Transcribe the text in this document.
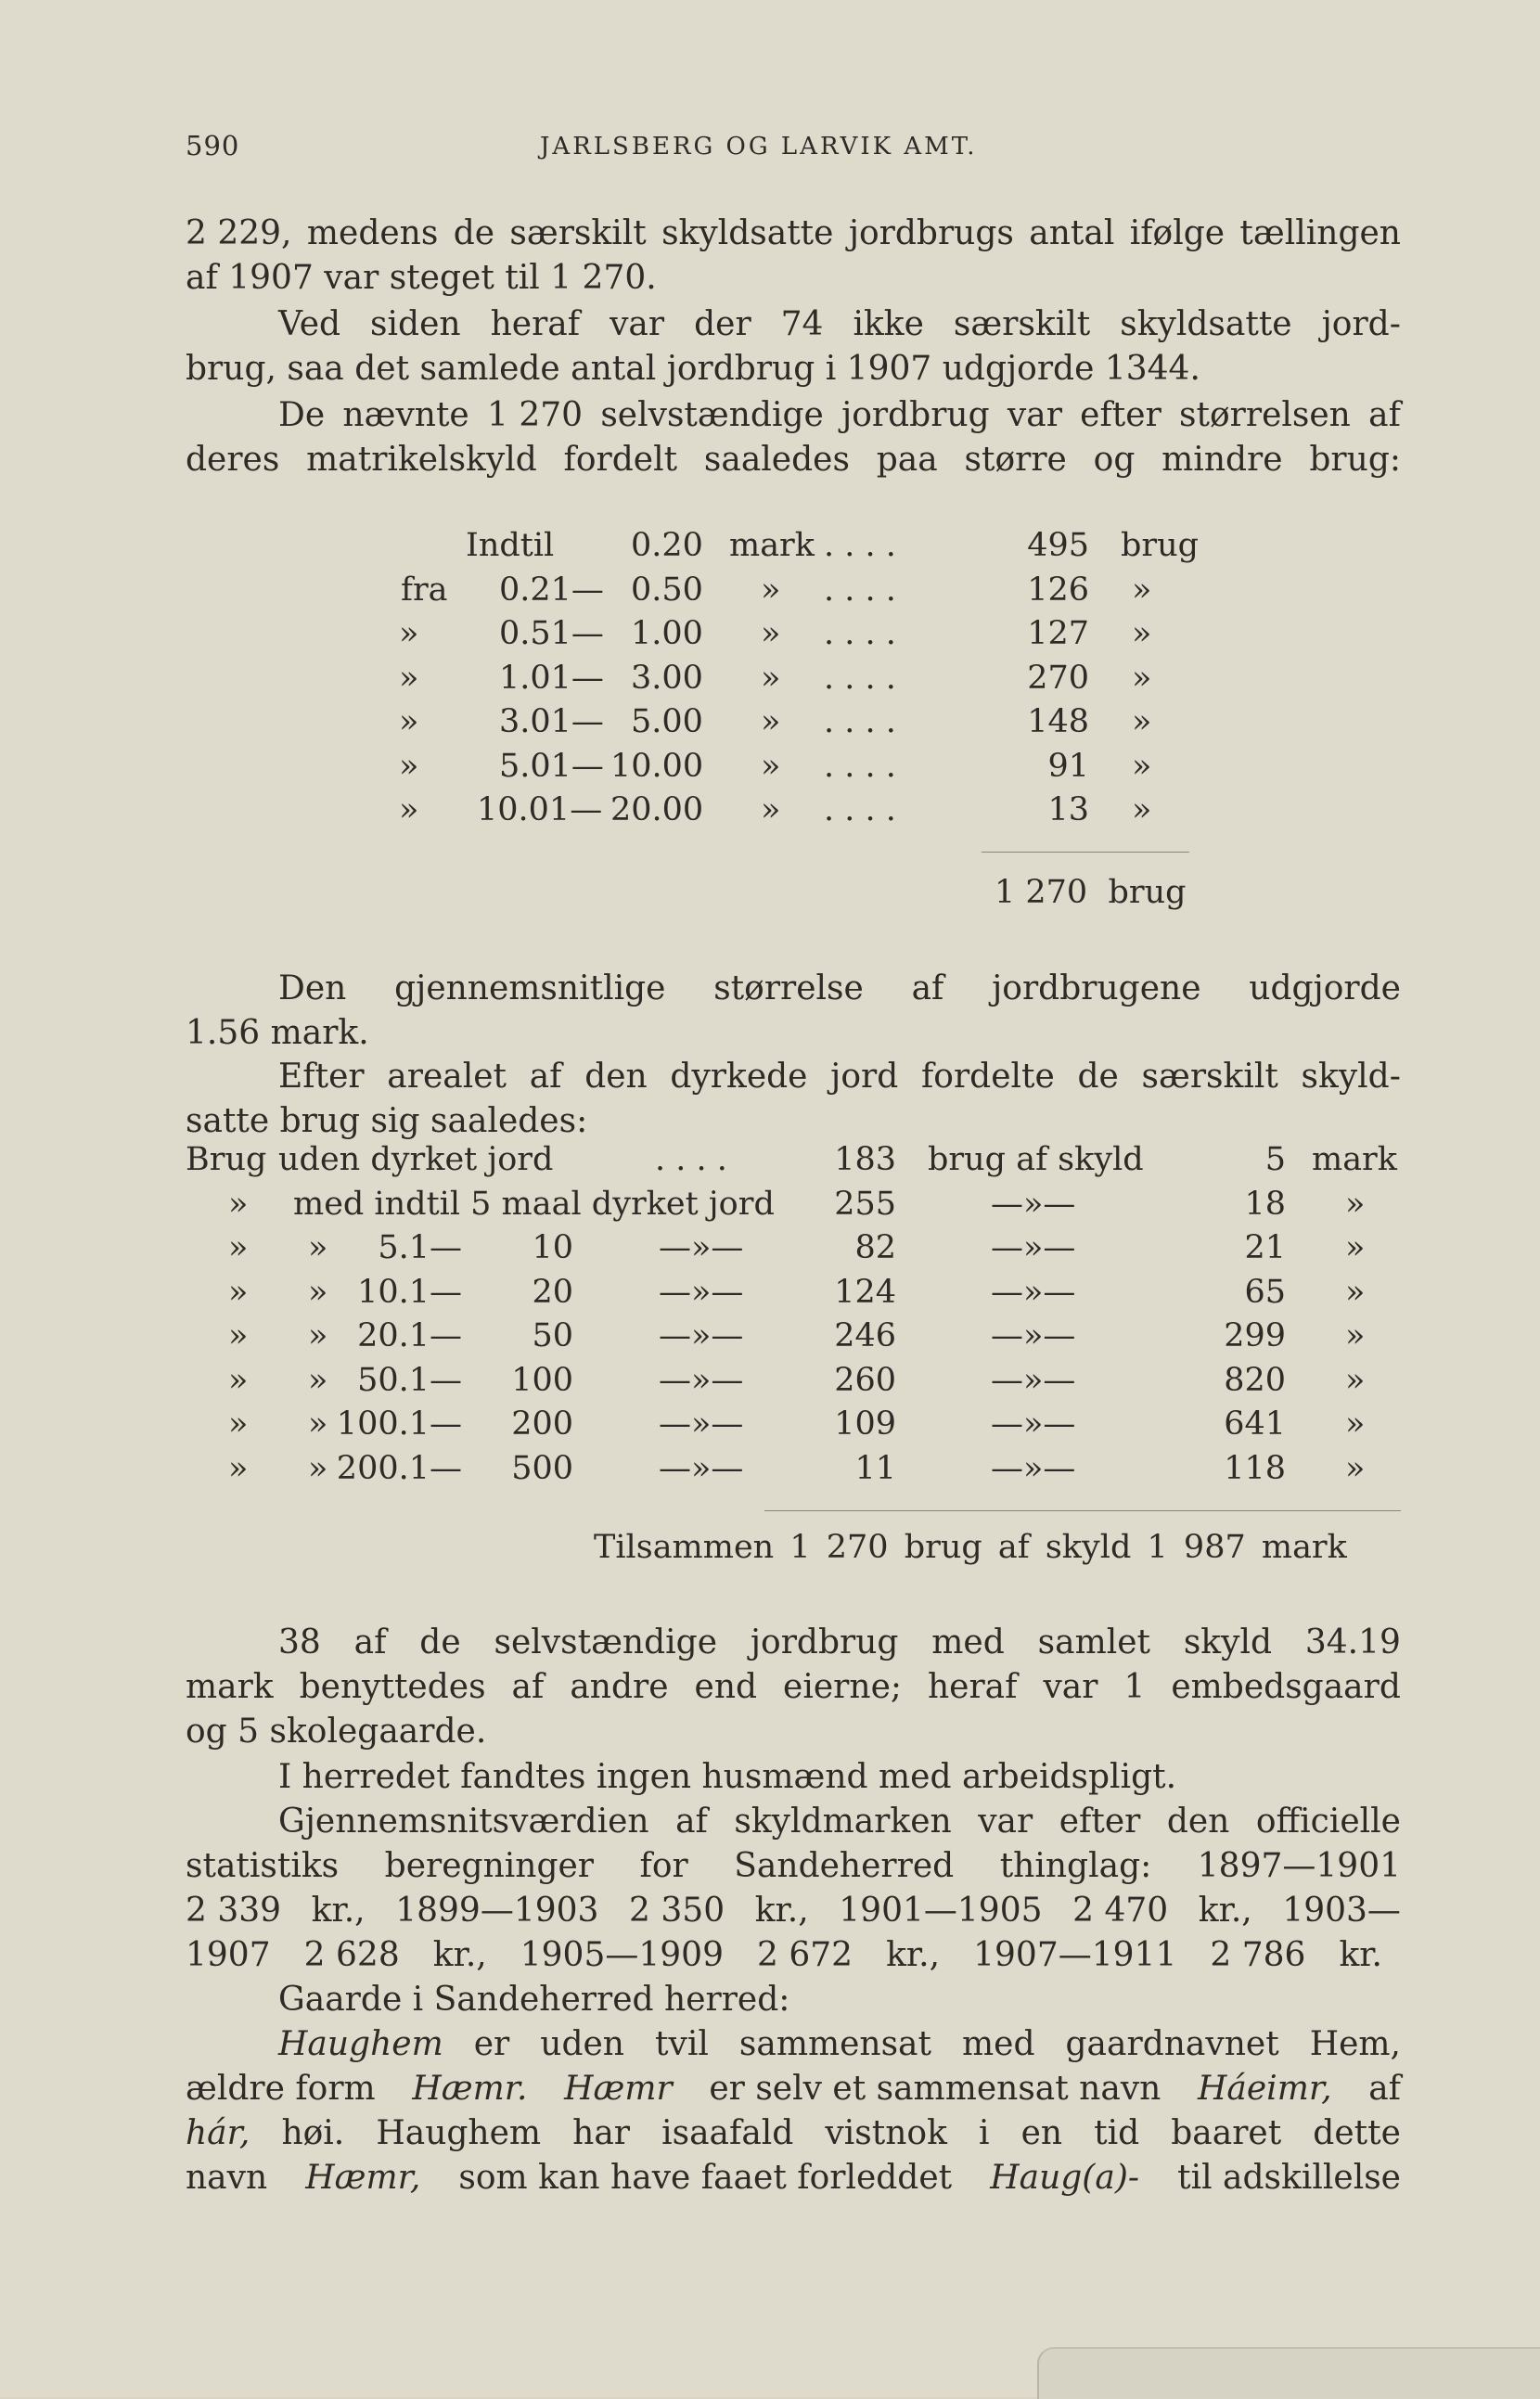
590	JARLSBERG OG LARVIK AMT.
2 229, medens de særskilt skyldsatte jordbrugs antal ifølge tællingen
af 1907 var steget til 1 270.
Ved siden heraf var der 74 ikke særskilt skyldsatte jord-
brug, saa det samlede antal jordbrug i 1907 udgjorde 1344.
De nævnte 1 270 selvstændige jordbrug var efter størrelsen af
deres matrikelskyld fordelt saaledes paa større og mindre brug:
Indtil 0.20 mark . . . .	495 brug
fra 0.21— 0.50 » . . . .	126 »
» 0.51— 1.00 » . . . .	127 »
» 1.01— 3.00 » . . . .	270 »
» 3.01— 5.00 » . . . .	148 »
» 5.01— 10.00 » . . . .	91 »
» 10.01— 20.00 » . . . .	13 »
1 270 brug
Den gjennemsnitlige størrelse af jordbrugene udgjorde
1.56 mark.
Efter arealet af den dyrkede jord fordelte de særskilt skyld-
satte brug sig saaledes:
Brug uden dyrket jord	. . . .	183 brug af skyld	5 mark
» med indtil 5 maal dyrket jord	255	—»—	18 »
» »	5.1—	10	—»—	82	—»—	21 »
» » 10.1—	20	—»—	124	—»—	65 »
» » 20.1—	50	—»—	246	—»—	299 »
» » 50.1—	100	—»—	260	—»—	820 »
» » 100.1—	200	—»—	109	—»—	641 »
» » 200.1—	500	—»—	11	—»—	118 »
Tilsammen 1 270 brug af skyld 1 987 mark
38 af de selvstændige jordbrug med samlet skyld 34.19
mark benyttedes af andre end eierne; heraf var 1 embedsgaard
og 5 skolegaarde.
I herredet fandtes ingen husmænd med arbeidspligt.
Gjennemsnitsværdien af skyldmarken var efter den officielle
statistiks beregninger for Sandeherred thinglag: 1897—1901
2 339 kr., 1899—1903 2 350 kr., 1901—1905 2 470 kr., 1903—
1907 2 628 kr., 1905—1909 2 672 kr., 1907—1911 2 786 kr.
Gaarde i Sandeherred herred:
Haughem er uden tvil sammensat med gaardnavnet Hem,
ældre form Hæmr. Hæmr er selv et sammensat navn Háeimr, af
hár, høi. Haughem har isaafald vistnok i en tid baaret dette
navn Hæmr, som kan have faaet forleddet Haug(a)- til adskillelse
